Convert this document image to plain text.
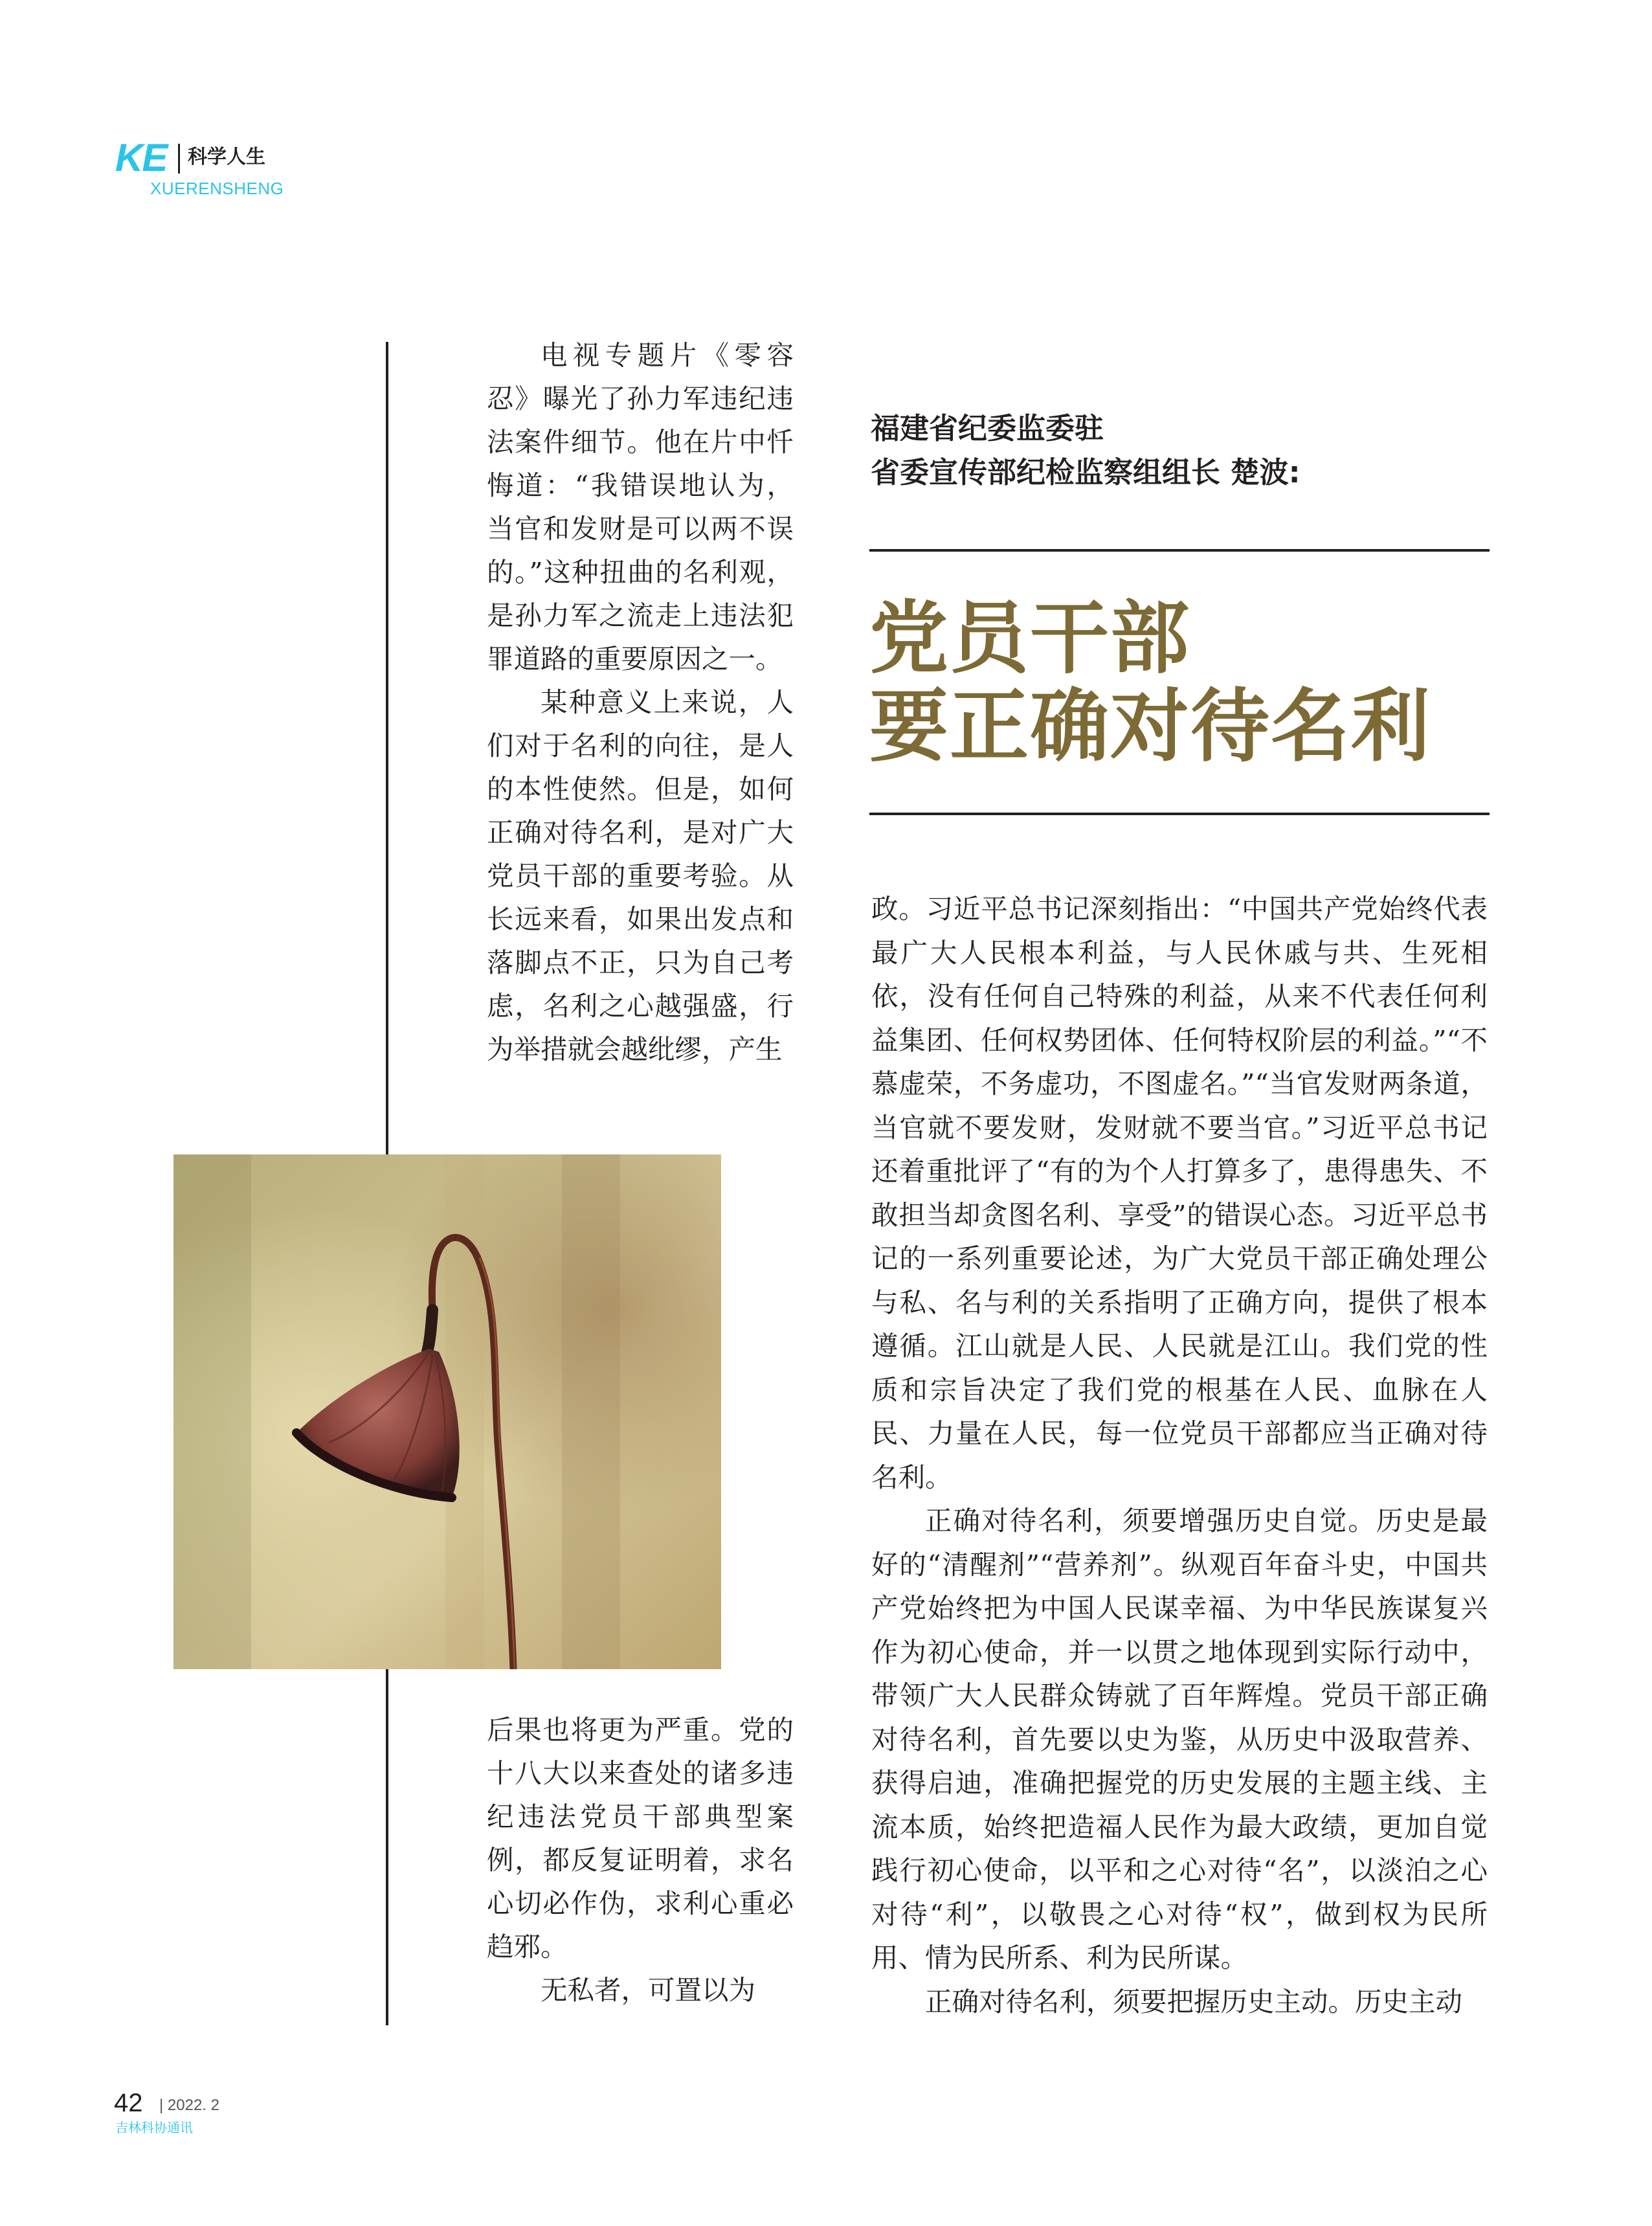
KE 科学人生
XUERENSHENG

电视专题片《零容忍》曝光了孙力军违纪违法案件细节。他在片中忏悔道：“我错误地认为，当官和发财是可以两不误的。”这种扭曲的名利观，是孙力军之流走上违法犯罪道路的重要原因之一。

某种意义上来说，人们对于名利的向往，是人的本性使然。但是，如何正确对待名利，是对广大党员干部的重要考验。从长远来看，如果出发点和落脚点不正，只为自己考虑，名利之心越强盛，行为举措就会越纰缪，产生

后果也将更为严重。党的十八大以来查处的诸多违纪违法党员干部典型案例，都反复证明着，求名心切必作伪，求利心重必趋邪。

无私者，可置以为

福建省纪委监委驻
省委宣传部纪检监察组组长 楚波:
党员干部
要正确对待名利

政。习近平总书记深刻指出：“中国共产党始终代表最广大人民根本利益，与人民休戚与共、生死相依，没有任何自己特殊的利益，从来不代表任何利益集团、任何权势团体、任何特权阶层的利益。”“不慕虚荣，不务虚功，不图虚名。”“当官发财两条道，当官就不要发财，发财就不要当官。”习近平总书记还着重批评了“有的为个人打算多了，患得患失、不敢担当却贪图名利、享受”的错误心态。习近平总书记的一系列重要论述，为广大党员干部正确处理公与私、名与利的关系指明了正确方向，提供了根本遵循。江山就是人民、人民就是江山。我们党的性质和宗旨决定了我们党的根基在人民、血脉在人民、力量在人民，每一位党员干部都应当正确对待名利。

正确对待名利，须要增强历史自觉。历史是最好的“清醒剂”“营养剂”。纵观百年奋斗史，中国共产党始终把为中国人民谋幸福、为中华民族谋复兴作为初心使命，并一以贯之地体现到实际行动中，带领广大人民群众铸就了百年辉煌。党员干部正确对待名利，首先要以史为鉴，从历史中汲取营养、获得启迪，准确把握党的历史发展的主题主线、主流本质，始终把造福人民作为最大政绩，更加自觉践行初心使命，以平和之心对待“名”，以淡泊之心对待“利”，以敬畏之心对待“权”，做到权为民所用、情为民所系、利为民所谋。

正确对待名利，须要把握历史主动。历史主动

42 | 2022. 2
吉林科协通讯
